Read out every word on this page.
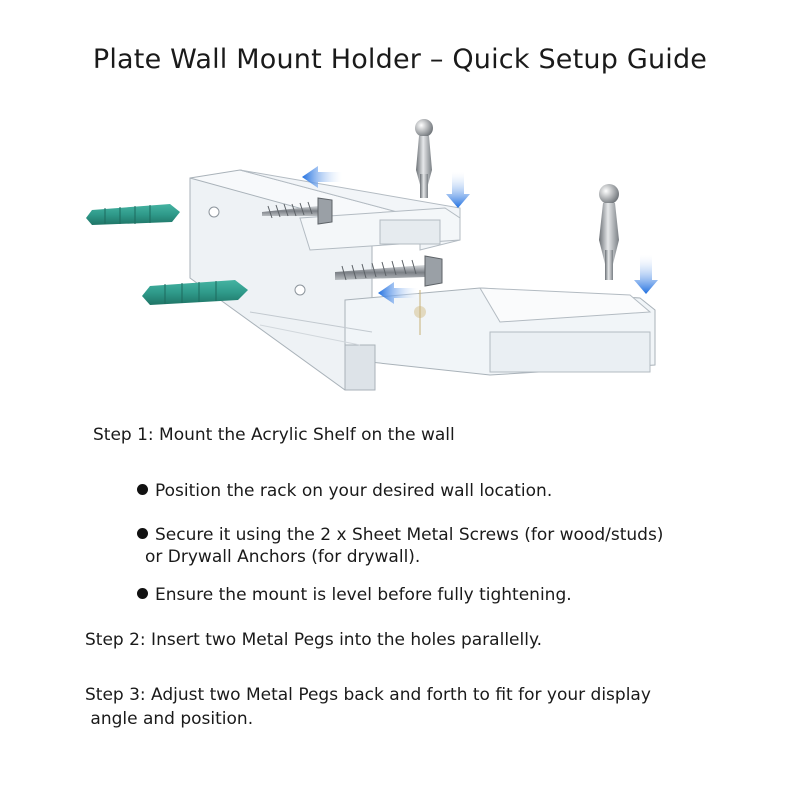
Plate Wall Mount Holder – Quick Setup Guide
Step 1: Mount the Acrylic Shelf on the wall
Position the rack on your desired wall location.
Secure it using the 2 x Sheet Metal Screws (for wood/studs)
or Drywall Anchors (for drywall).
Ensure the mount is level before fully tightening.
Step 2: Insert two Metal Pegs into the holes parallelly.
Step 3: Adjust two Metal Pegs back and forth to fit for your display
angle and position.
